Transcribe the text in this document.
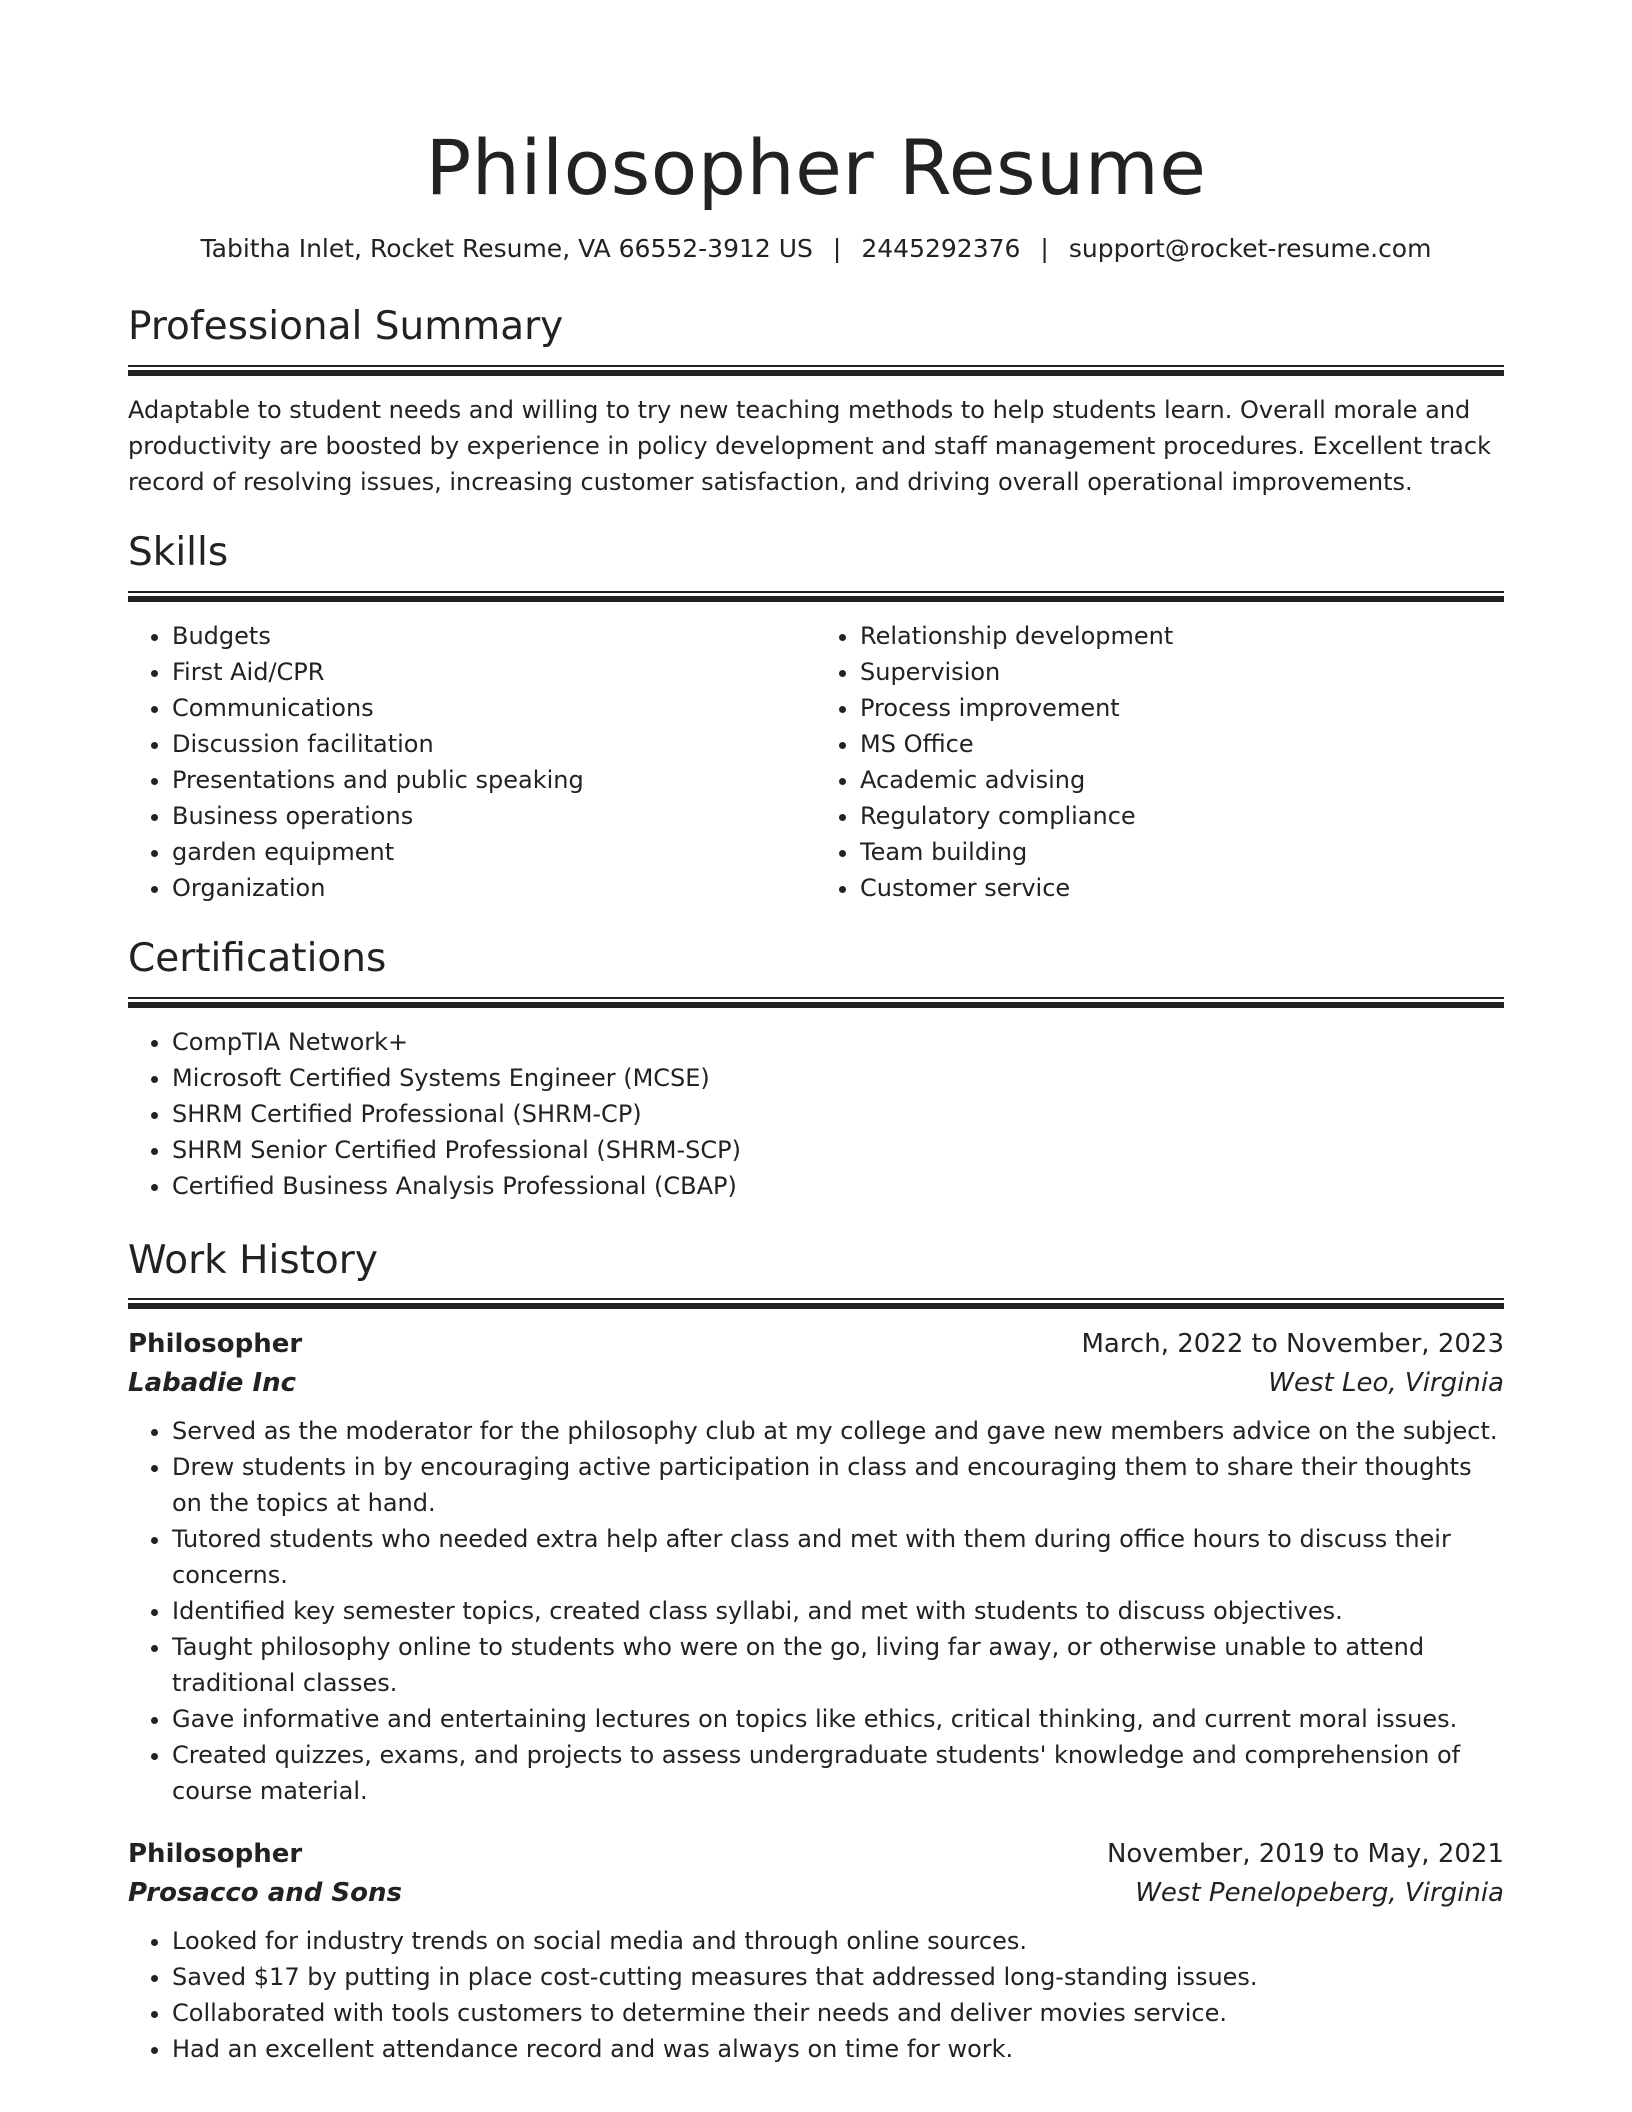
Philosopher Resume
Tabitha Inlet, Rocket Resume, VA 66552-3912 US | 2445292376 | support@rocket-resume.com
Professional Summary
Adaptable to student needs and willing to try new teaching methods to help students learn. Overall morale and productivity are boosted by experience in policy development and staff management procedures. Excellent track record of resolving issues, increasing customer satisfaction, and driving overall operational improvements.
Skills
• Budgets
• First Aid/CPR
• Communications
• Discussion facilitation
• Presentations and public speaking
• Business operations
• garden equipment
• Organization
• Relationship development
• Supervision
• Process improvement
• MS Office
• Academic advising
• Regulatory compliance
• Team building
• Customer service
Certifications
• CompTIA Network+
• Microsoft Certified Systems Engineer (MCSE)
• SHRM Certified Professional (SHRM-CP)
• SHRM Senior Certified Professional (SHRM-SCP)
• Certified Business Analysis Professional (CBAP)
Work History
Philosopher	March, 2022 to November, 2023
Labadie Inc	West Leo, Virginia
• Served as the moderator for the philosophy club at my college and gave new members advice on the subject.
• Drew students in by encouraging active participation in class and encouraging them to share their thoughts on the topics at hand.
• Tutored students who needed extra help after class and met with them during office hours to discuss their concerns.
• Identified key semester topics, created class syllabi, and met with students to discuss objectives.
• Taught philosophy online to students who were on the go, living far away, or otherwise unable to attend traditional classes.
• Gave informative and entertaining lectures on topics like ethics, critical thinking, and current moral issues.
• Created quizzes, exams, and projects to assess undergraduate students' knowledge and comprehension of course material.
Philosopher	November, 2019 to May, 2021
Prosacco and Sons	West Penelopeberg, Virginia
• Looked for industry trends on social media and through online sources.
• Saved $17 by putting in place cost-cutting measures that addressed long-standing issues.
• Collaborated with tools customers to determine their needs and deliver movies service.
• Had an excellent attendance record and was always on time for work.
